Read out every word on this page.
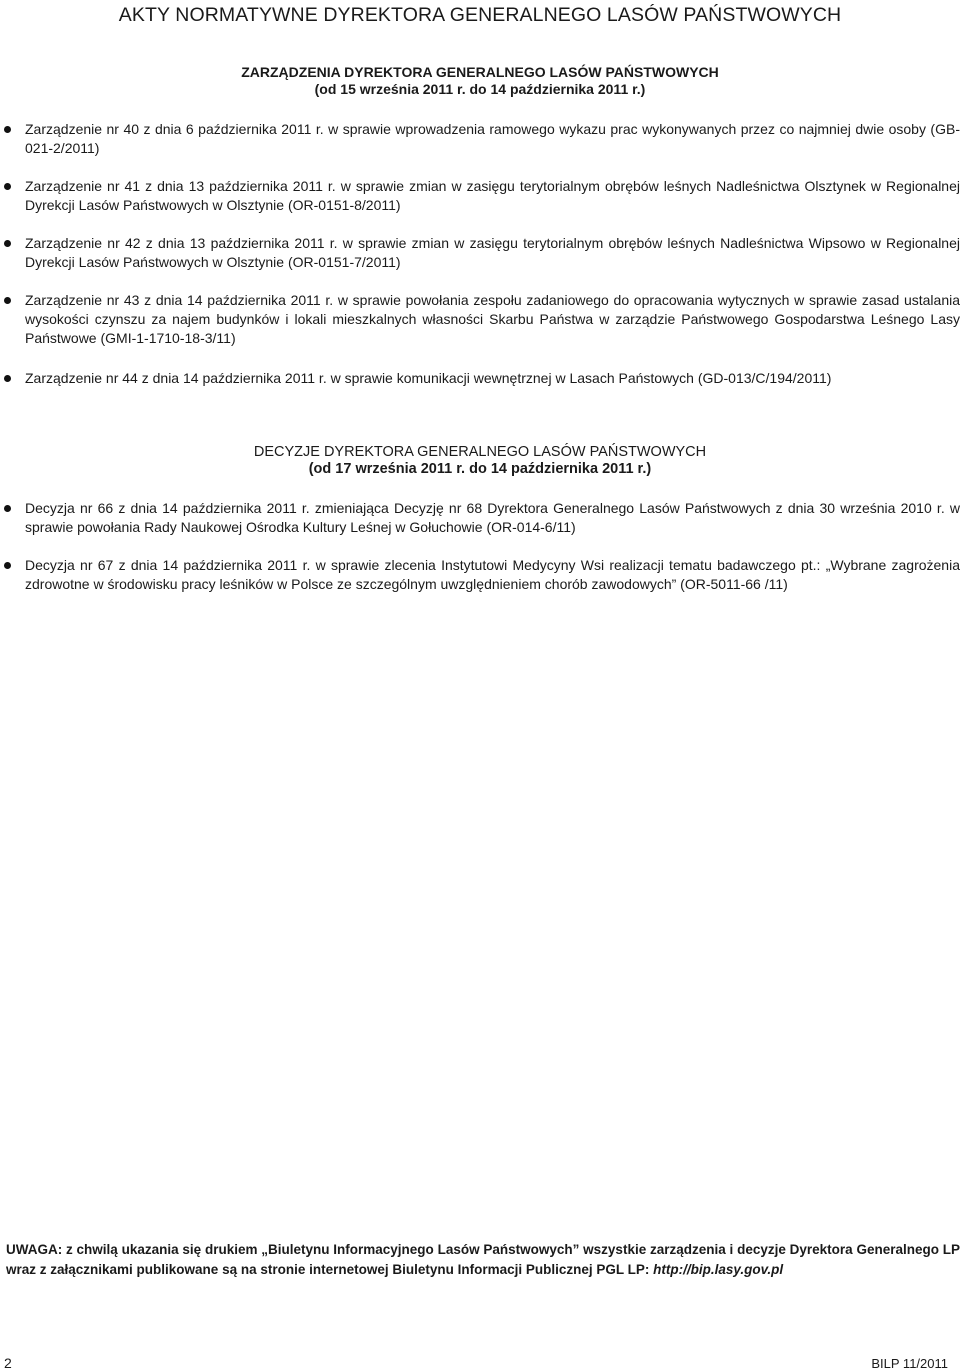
AKTY NORMATYWNE DYREKTORA GENERALNEGO LASÓW PAŃSTWOWYCH
ZARZĄDZENIA DYREKTORA GENERALNEGO LASÓW PAŃSTWOWYCH
(od 15 września 2011 r. do 14 października 2011 r.)
Zarządzenie nr 40 z dnia 6 października 2011 r. w sprawie wprowadzenia ramowego wykazu prac wykonywanych przez co najmniej dwie osoby (GB-021-2/2011)
Zarządzenie nr 41 z dnia 13 października 2011 r. w sprawie zmian w zasięgu terytorialnym obrębów leśnych Nadleśnictwa Olsztynek w Regionalnej Dyrekcji Lasów Państwowych w Olsztynie (OR-0151-8/2011)
Zarządzenie nr 42 z dnia 13 października 2011 r. w sprawie zmian w zasięgu terytorialnym obrębów leśnych Nadleśnictwa Wipsowo w Regionalnej Dyrekcji Lasów Państwowych w Olsztynie (OR-0151-7/2011)
Zarządzenie nr 43 z dnia 14 października 2011 r. w sprawie powołania zespołu zadaniowego do opracowania wytycznych w sprawie zasad ustalania wysokości czynszu za najem budynków i lokali mieszkalnych własności Skarbu Państwa w zarządzie Państwowego Gospodarstwa Leśnego Lasy Państwowe (GMI-1-1710-18-3/11)
Zarządzenie nr 44 z dnia 14 października 2011 r. w sprawie komunikacji wewnętrznej w Lasach Państowych (GD-013/C/194/2011)
DECYZJE DYREKTORA GENERALNEGO LASÓW PAŃSTWOWYCH
(od 17 września 2011 r. do 14 października 2011 r.)
Decyzja nr 66 z dnia 14 października 2011 r. zmieniająca Decyzję nr 68 Dyrektora Generalnego Lasów Państwowych z dnia 30 września 2010 r. w sprawie powołania Rady Naukowej Ośrodka Kultury Leśnej w Gołuchowie (OR-014-6/11)
Decyzja nr 67 z dnia 14 października 2011 r. w sprawie zlecenia Instytutowi Medycyny Wsi realizacji tematu badawczego pt.: „Wybrane zagrożenia zdrowotne w środowisku pracy leśników w Polsce ze szczególnym uwzględnieniem chorób zawodowych” (OR-5011-66 /11)
UWAGA: z chwilą ukazania się drukiem „Biuletynu Informacyjnego Lasów Państwowych” wszystkie zarządzenia i decyzje Dyrektora Generalnego LP wraz z załącznikami publikowane są na stronie internetowej Biuletynu Informacji Publicznej PGL LP: http://bip.lasy.gov.pl
2	BILP 11/2011
